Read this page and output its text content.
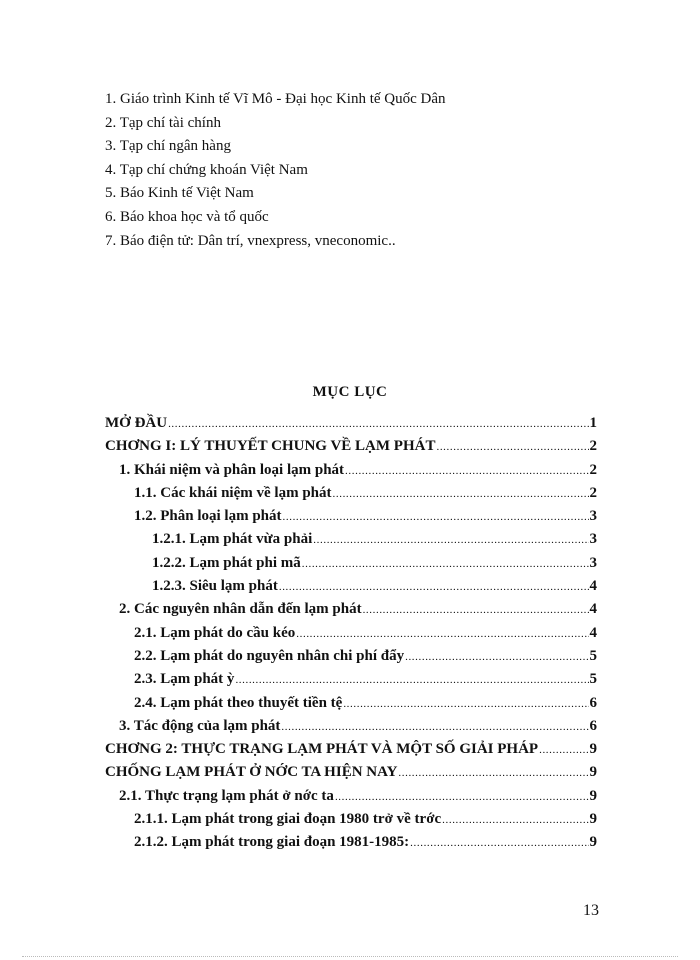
1. Giáo trình Kinh tế Vĩ Mô - Đại học Kinh tế Quốc Dân
2. Tạp chí tài chính
3. Tạp chí ngân hàng
4. Tạp chí chứng khoán Việt Nam
5. Báo Kinh tế Việt Nam
6. Báo khoa học và tổ quốc
7. Báo điện tử: Dân trí, vnexpress, vneconomic..
MỤC LỤC
MỞ ĐẦU .....	1
CHƠNG I: LÝ THUYẾT CHUNG VỀ LẠM PHÁT .....	2
1. Khái niệm và phân loại lạm phát .....	2
1.1. Các khái niệm về lạm phát .....	2
1.2. Phân loại lạm phát .....	3
1.2.1. Lạm phát vừa phải .....	3
1.2.2. Lạm phát phi mã .....	3
1.2.3. Siêu lạm phát .....	4
2. Các nguyên nhân dẫn đến lạm phát .....	4
2.1. Lạm phát do cầu kéo .....	4
2.2. Lạm phát do nguyên nhân chi phí đẩy .....	5
2.3. Lạm phát ỳ .....	5
2.4. Lạm phát theo thuyết tiền tệ .....	6
3. Tác động của lạm phát .....	6
CHƠNG 2: THỰC TRẠNG LẠM PHÁT VÀ MỘT SỐ GIẢI PHÁP .....	9
CHỐNG LẠM PHÁT Ở NỚC TA HIỆN NAY .....	9
2.1. Thực trạng lạm phát ở nớc ta .....	9
2.1.1. Lạm phát trong giai đoạn 1980 trở về trớc .....	9
2.1.2. Lạm phát trong giai đoạn 1981-1985: .....	9
13
